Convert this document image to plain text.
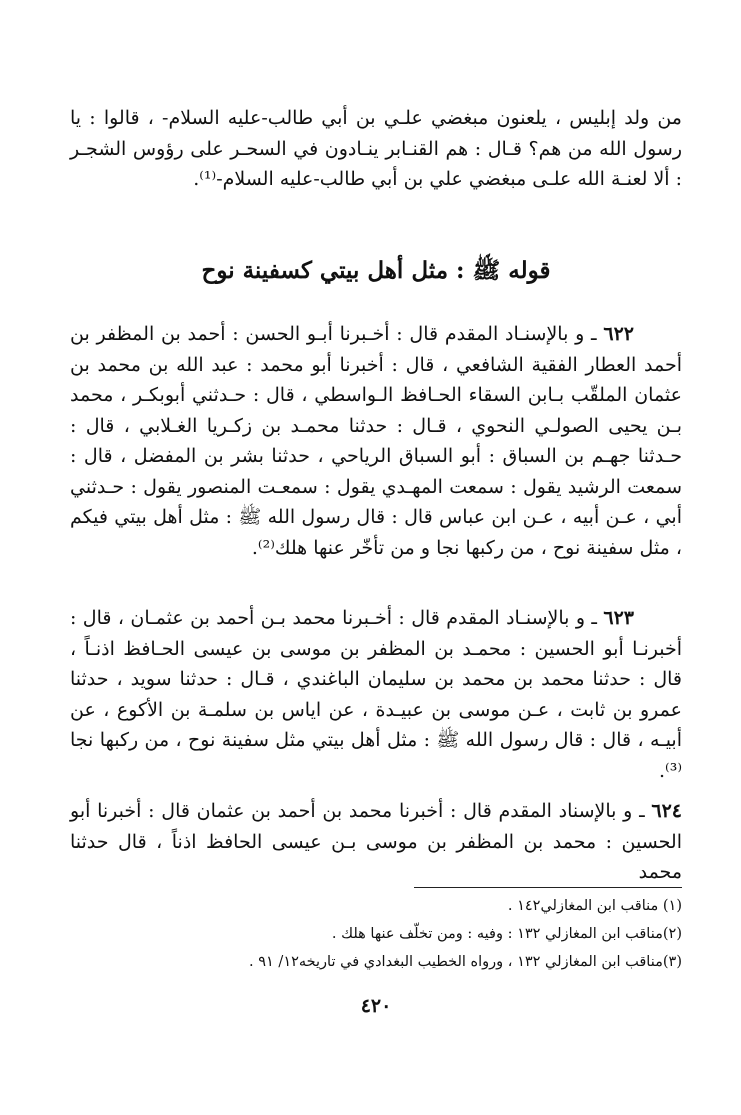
من ولد إبليس ، يلعنون مبغضي علـي بن أبي طالب-عليه السلام- ، قالوا : يا رسول الله من هم؟ قـال : هم القنـابر ينـادون في السحـر على رؤوس الشجـر : ألا لعنـة الله علـى مبغضي علي بن أبي طالب-عليه السلام-⁽¹⁾.

قوله ﷺ : مثل أهل بيتي كسفينة نوح

٦٢٢ ـ و بالإسنـاد المقدم قال : أخـبرنا أبـو الحسن : أحمد بن المظفر بن أحمد العطار الفقية الشافعي ، قال : أخبرنا أبو محمد : عبد الله بن محمد بن عثمان الملقّب بـابن السقاء الحـافظ الـواسطي ، قال : حـدثني أبوبكـر ، محمد بـن يحيى الصولـي النحوي ، قـال : حدثنا محمـد بن زكـريا الغـلابي ، قال : حـدثنا جهـم بن السباق : أبو السباق الرياحي ، حدثنا بشر بن المفضل ، قال : سمعت الرشيد يقول : سمعت المهـدي يقول : سمعـت المنصور يقول : حـدثني أبي ، عـن أبيه ، عـن ابن عباس قال : قال رسول الله ﷺ : مثل أهل بيتي فيكم ، مثل سفينة نوح ، من ركبها نجا و من تأخّر عنها هلك⁽²⁾.

٦٢٣ ـ و بالإسنـاد المقدم قال : أخـبرنا محمد بـن أحمد بن عثمـان ، قال : أخبرنـا أبو الحسين : محمـد بن المظفر بن موسى بن عيسى الحـافظ اذنـاً ، قال : حدثنا محمد بن محمد بن سليمان الباغندي ، قـال : حدثنا سويد ، حدثنا عمرو بن ثابت ، عـن موسى بن عبيـدة ، عن اياس بن سلمـة بن الأكوع ، عن أبيـه ، قال : قال رسول الله ﷺ : مثل أهل بيتي مثل سفينة نوح ، من ركبها نجا ⁽³⁾.

٦٢٤ ـ و بالإسناد المقدم قال : أخبرنا محمد بن أحمد بن عثمان قال : أخبرنا أبو الحسين : محمد بن المظفر بن موسى بـن عيسى الحافظ اذناً ، قال حدثنا محمد

(١) مناقب ابن المغازلي١٤٢ .
(٢)مناقب ابن المغازلي ١٣٢ : وفيه : ومن تخلّف عنها هلك .
(٣)مناقب ابن المغازلي ١٣٢ ، ورواه الخطيب البغدادي في تاريخه١٢/ ٩١ .
٤٢٠
